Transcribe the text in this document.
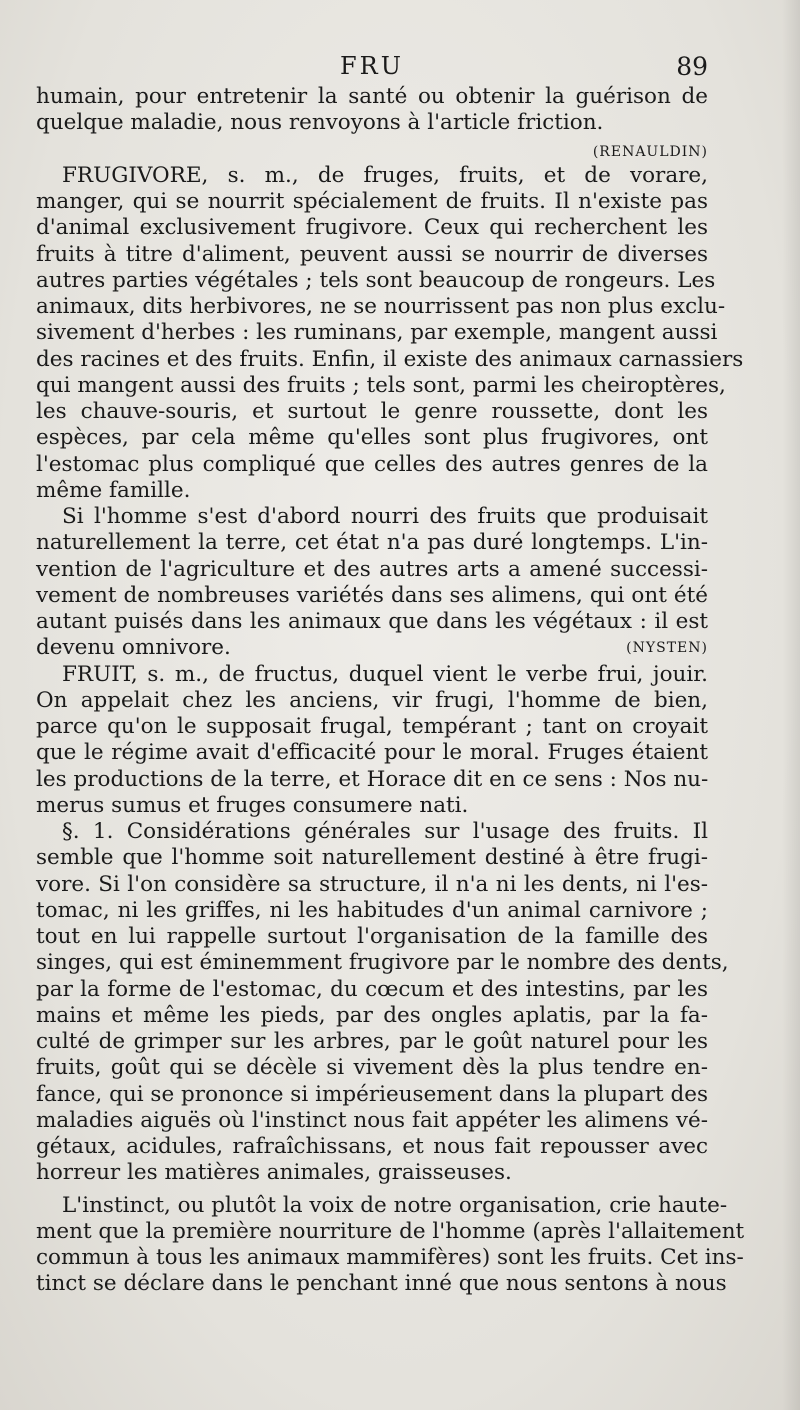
FRU	89
humain, pour entretenir la santé ou obtenir la guérison de
quelque maladie, nous renvoyons à l'article friction.
(RENAULDIN)
FRUGIVORE, s. m., de fruges, fruits, et de vorare,
manger, qui se nourrit spécialement de fruits. Il n'existe pas
d'animal exclusivement frugivore. Ceux qui recherchent les
fruits à titre d'aliment, peuvent aussi se nourrir de diverses
autres parties végétales ; tels sont beaucoup de rongeurs. Les
animaux, dits herbivores, ne se nourrissent pas non plus exclu-
sivement d'herbes : les ruminans, par exemple, mangent aussi
des racines et des fruits. Enfin, il existe des animaux carnassiers
qui mangent aussi des fruits ; tels sont, parmi les cheiroptères,
les chauve-souris, et surtout le genre roussette, dont les
espèces, par cela même qu'elles sont plus frugivores, ont
l'estomac plus compliqué que celles des autres genres de la
même famille.
Si l'homme s'est d'abord nourri des fruits que produisait
naturellement la terre, cet état n'a pas duré longtemps. L'in-
vention de l'agriculture et des autres arts a amené successi-
vement de nombreuses variétés dans ses alimens, qui ont été
autant puisés dans les animaux que dans les végétaux : il est
devenu omnivore.	(NYSTEN)
FRUIT, s. m., de fructus, duquel vient le verbe frui, jouir.
On appelait chez les anciens, vir frugi, l'homme de bien,
parce qu'on le supposait frugal, tempérant ; tant on croyait
que le régime avait d'efficacité pour le moral. Fruges étaient
les productions de la terre, et Horace dit en ce sens : Nos nu-
merus sumus et fruges consumere nati.
§. 1. Considérations générales sur l'usage des fruits. Il
semble que l'homme soit naturellement destiné à être frugi-
vore. Si l'on considère sa structure, il n'a ni les dents, ni l'es-
tomac, ni les griffes, ni les habitudes d'un animal carnivore ;
tout en lui rappelle surtout l'organisation de la famille des
singes, qui est éminemment frugivore par le nombre des dents,
par la forme de l'estomac, du cœcum et des intestins, par les
mains et même les pieds, par des ongles aplatis, par la fa-
culté de grimper sur les arbres, par le goût naturel pour les
fruits, goût qui se décèle si vivement dès la plus tendre en-
fance, qui se prononce si impérieusement dans la plupart des
maladies aiguës où l'instinct nous fait appéter les alimens vé-
gétaux, acidules, rafraîchissans, et nous fait repousser avec
horreur les matières animales, graisseuses.
L'instinct, ou plutôt la voix de notre organisation, crie haute-
ment que la première nourriture de l'homme (après l'allaitement
commun à tous les animaux mammifères) sont les fruits. Cet ins-
tinct se déclare dans le penchant inné que nous sentons à nous
